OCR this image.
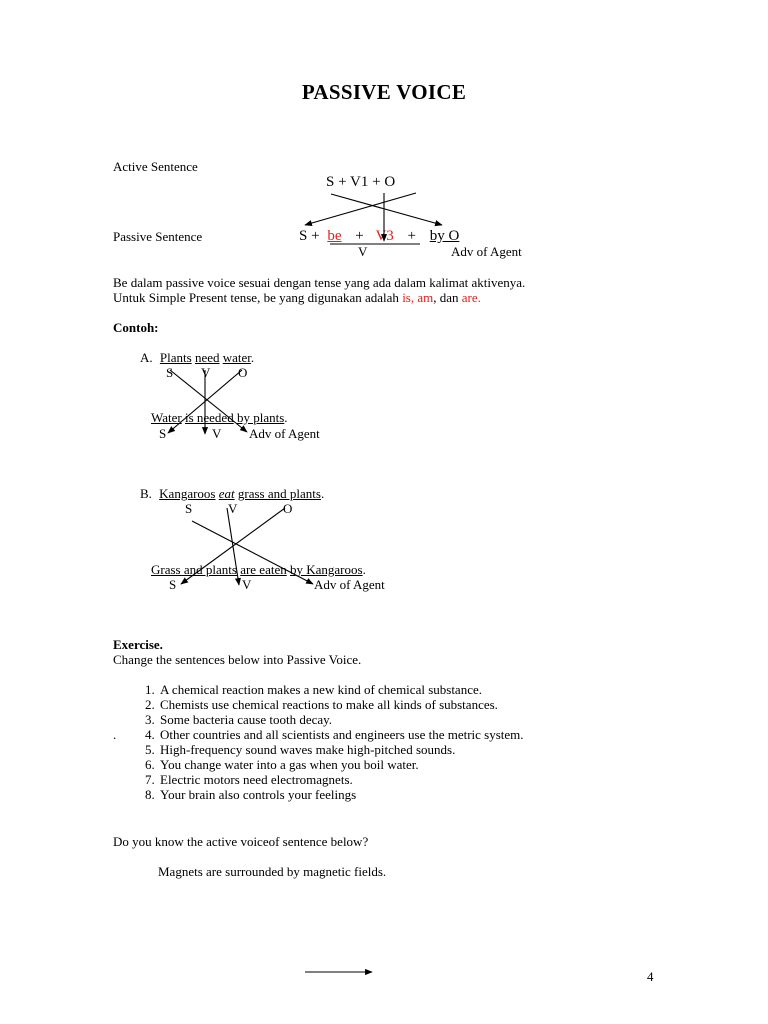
PASSIVE VOICE
Active Sentence
S + V1 + O
Passive Sentence	S + be + V3 + by O
V	Adv of Agent
Be dalam passive voice sesuai dengan tense yang ada dalam kalimat aktivenya.
Untuk Simple Present tense, be yang digunakan adalah is, am, dan are.
Contoh:
A. Plants need water.
S V O
Water is needed by plants.
S	V Adv of Agent
B. Kangaroos eat grass and plants.
S	V	O
Grass and plants are eaten by Kangaroos.
S	V	Adv of Agent
Exercise.
Change the sentences below into Passive Voice.
.
1. A chemical reaction makes a new kind of chemical substance.
2. Chemists use chemical reactions to make all kinds of substances.
3. Some bacteria cause tooth decay.
4. Other countries and all scientists and engineers use the metric system.
5. High-frequency sound waves make high-pitched sounds.
6. You change water into a gas when you boil water.
7. Electric motors need electromagnets.
8. Your brain also controls your feelings
Do you know the active voiceof sentence below?
Magnets are surrounded by magnetic fields.
4
